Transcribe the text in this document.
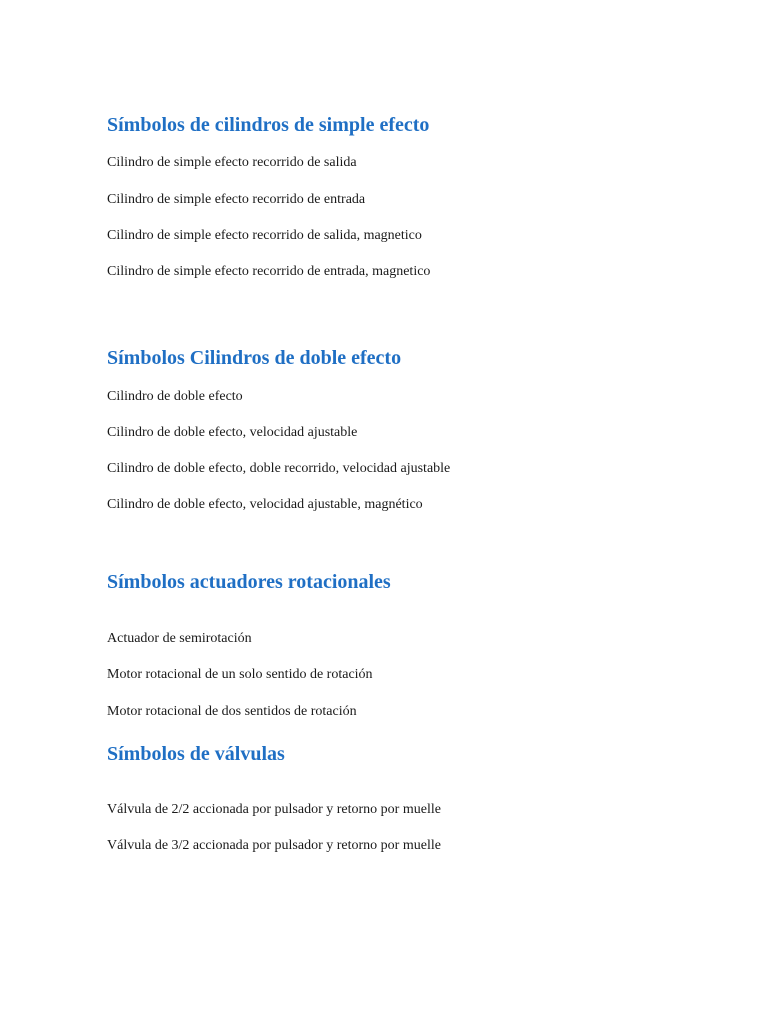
Símbolos de cilindros de simple efecto

Cilindro de simple efecto recorrido de salida

Cilindro de simple efecto recorrido de entrada

Cilindro de simple efecto recorrido de salida, magnetico

Cilindro de simple efecto recorrido de entrada, magnetico

Símbolos Cilindros de doble efecto

Cilindro de doble efecto

Cilindro de doble efecto, velocidad ajustable

Cilindro de doble efecto, doble recorrido, velocidad ajustable

Cilindro de doble efecto, velocidad ajustable, magnético

Símbolos actuadores rotacionales

Actuador de semirotación

Motor rotacional de un solo sentido de rotación

Motor rotacional de dos sentidos de rotación

Símbolos de válvulas

Válvula de 2/2 accionada por pulsador y retorno por muelle

Válvula de 3/2 accionada por pulsador y retorno por muelle
